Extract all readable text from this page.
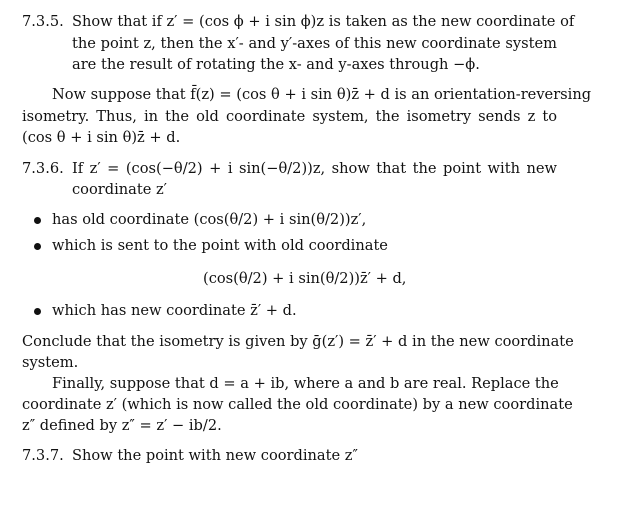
7.3.5. Show that if z′ = (cos ϕ + i sin ϕ)z is taken as the new coordinate of
the point z, then the x′- and y′-axes of this new coordinate system
are the result of rotating the x- and y-axes through −ϕ.
Now suppose that f̄(z) = (cos θ + i sin θ)z̄ + d is an orientation-reversing
isometry. Thus, in the old coordinate system, the isometry sends z to
(cos θ + i sin θ)z̄ + d.
7.3.6. If z′ = (cos(−θ/2) + i sin(−θ/2))z, show that the point with new
coordinate z′
has old coordinate (cos(θ/2) + i sin(θ/2))z′,
which is sent to the point with old coordinate
(cos(θ/2) + i sin(θ/2))z̄′ + d,
which has new coordinate z̄′ + d.
Conclude that the isometry is given by ḡ(z′) = z̄′ + d in the new coordinate
system.
Finally, suppose that d = a + ib, where a and b are real. Replace the
coordinate z′ (which is now called the old coordinate) by a new coordinate
z″ defined by z″ = z′ − ib/2.
7.3.7. Show the point with new coordinate z″
